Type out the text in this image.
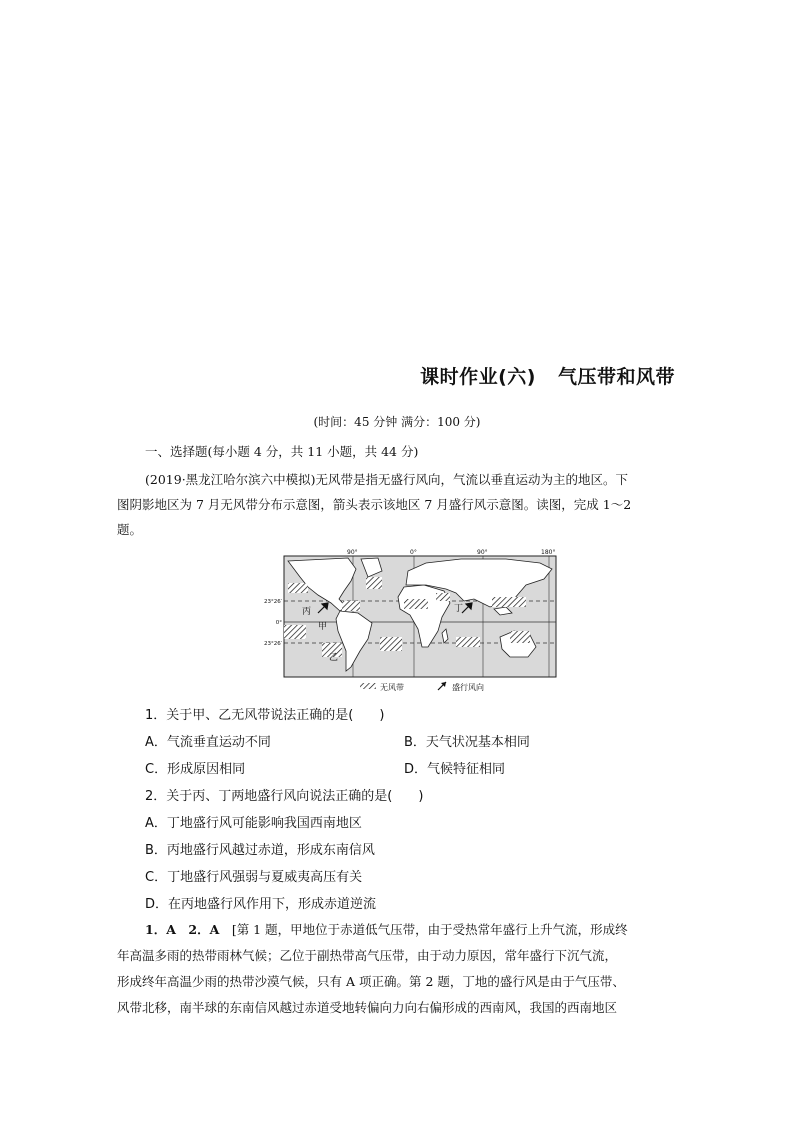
课时作业(六) 气压带和风带
(时间：45 分钟 满分：100 分)
一、选择题(每小题 4 分，共 11 小题，共 44 分)
(2019·黑龙江哈尔滨六中模拟)无风带是指无盛行风向，气流以垂直运动为主的地区。下
图阴影地区为 7 月无风带分布示意图，箭头表示该地区 7 月盛行风示意图。读图，完成 1～2
题。
90°	0°	90°	180°
23°26′
0°
23°26′
丙
甲
乙
丁
无风带	盛行风向
1．关于甲、乙无风带说法正确的是(　　)
A．气流垂直运动不同	B．天气状况基本相同
C．形成原因相同	D．气候特征相同
2．关于丙、丁两地盛行风向说法正确的是(　　)
A．丁地盛行风可能影响我国西南地区
B．丙地盛行风越过赤道，形成东南信风
C．丁地盛行风强弱与夏威夷高压有关
D．在丙地盛行风作用下，形成赤道逆流
1．A　2．A　 [第 1 题，甲地位于赤道低气压带，由于受热常年盛行上升气流，形成终
年高温多雨的热带雨林气候；乙位于副热带高气压带，由于动力原因，常年盛行下沉气流，
形成终年高温少雨的热带沙漠气候，只有 A 项正确。第 2 题，丁地的盛行风是由于气压带、
风带北移，南半球的东南信风越过赤道受地转偏向力向右偏形成的西南风，我国的西南地区
